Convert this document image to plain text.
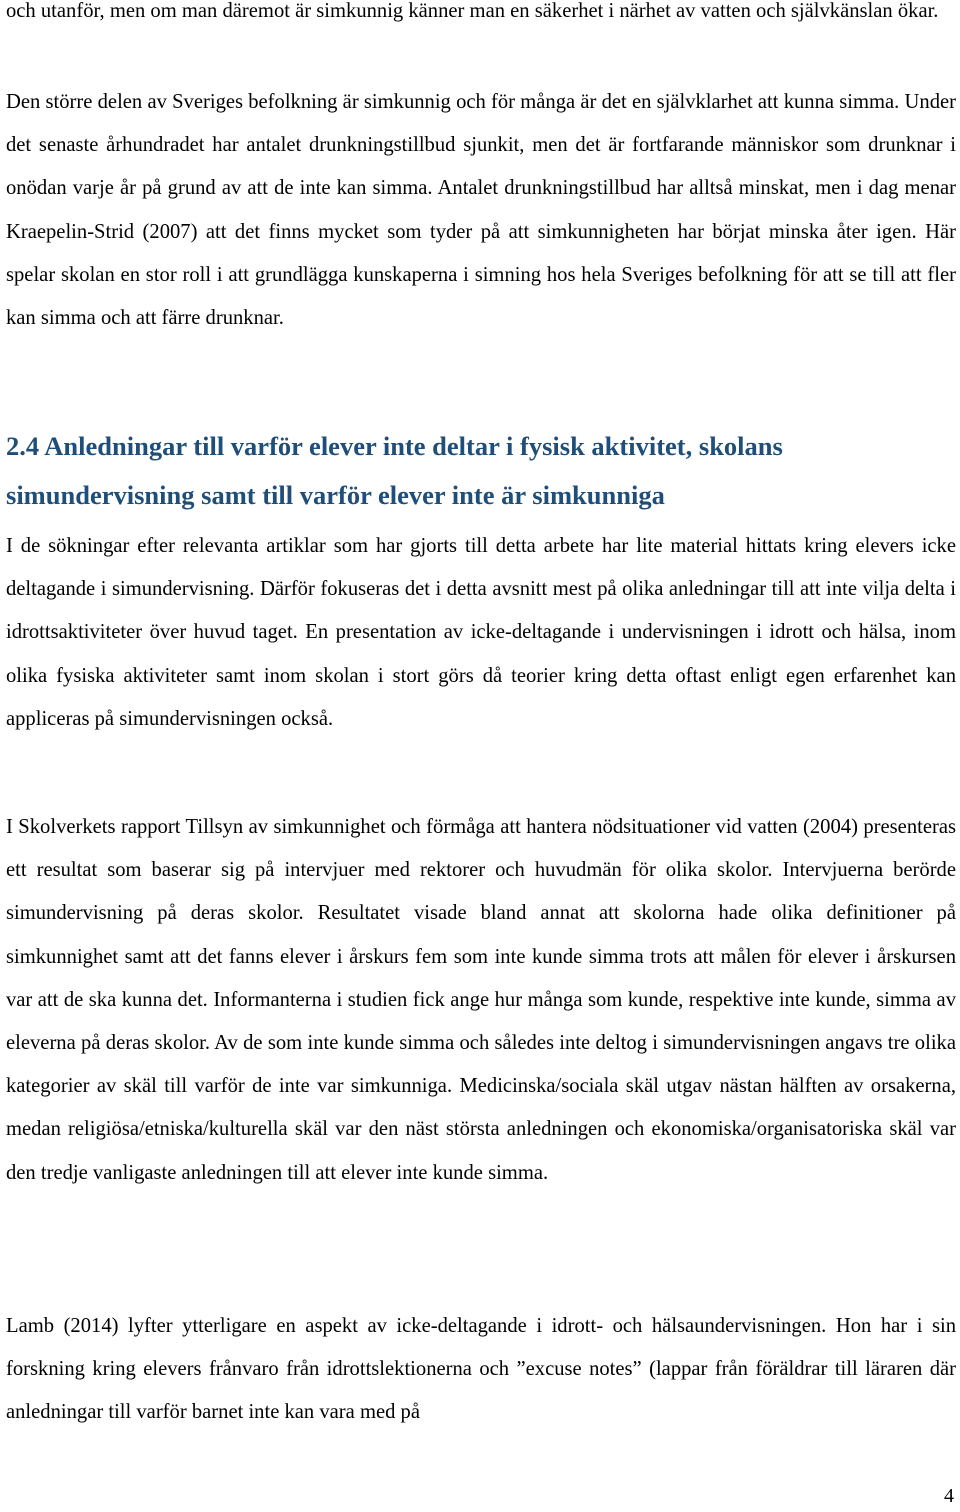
och utanför, men om man däremot är simkunnig känner man en säkerhet i närhet av vatten och självkänslan ökar.

Den större delen av Sveriges befolkning är simkunnig och för många är det en självklarhet att kunna simma. Under det senaste århundradet har antalet drunkningstillbud sjunkit, men det är fortfarande människor som drunknar i onödan varje år på grund av att de inte kan simma. Antalet drunkningstillbud har alltså minskat, men i dag menar Kraepelin-Strid (2007) att det finns mycket som tyder på att simkunnigheten har börjat minska åter igen. Här spelar skolan en stor roll i att grundlägga kunskaperna i simning hos hela Sveriges befolkning för att se till att fler kan simma och att färre drunknar.

2.4 Anledningar till varför elever inte deltar i fysisk aktivitet, skolans simundervisning samt till varför elever inte är simkunniga

I de sökningar efter relevanta artiklar som har gjorts till detta arbete har lite material hittats kring elevers icke deltagande i simundervisning. Därför fokuseras det i detta avsnitt mest på olika anledningar till att inte vilja delta i idrottsaktiviteter över huvud taget. En presentation av icke-deltagande i undervisningen i idrott och hälsa, inom olika fysiska aktiviteter samt inom skolan i stort görs då teorier kring detta oftast enligt egen erfarenhet kan appliceras på simundervisningen också.

I Skolverkets rapport Tillsyn av simkunnighet och förmåga att hantera nödsituationer vid vatten (2004) presenteras ett resultat som baserar sig på intervjuer med rektorer och huvudmän för olika skolor. Intervjuerna berörde simundervisning på deras skolor. Resultatet visade bland annat att skolorna hade olika definitioner på simkunnighet samt att det fanns elever i årskurs fem som inte kunde simma trots att målen för elever i årskursen var att de ska kunna det. Informanterna i studien fick ange hur många som kunde, respektive inte kunde, simma av eleverna på deras skolor. Av de som inte kunde simma och således inte deltog i simundervisningen angavs tre olika kategorier av skäl till varför de inte var simkunniga. Medicinska/sociala skäl utgav nästan hälften av orsakerna, medan religiösa/etniska/kulturella skäl var den näst största anledningen och ekonomiska/organisatoriska skäl var den tredje vanligaste anledningen till att elever inte kunde simma.

Lamb (2014) lyfter ytterligare en aspekt av icke-deltagande i idrott- och hälsaundervisningen. Hon har i sin forskning kring elevers frånvaro från idrottslektionerna och ”excuse notes” (lappar från föräldrar till läraren där anledningar till varför barnet inte kan vara med på

4
